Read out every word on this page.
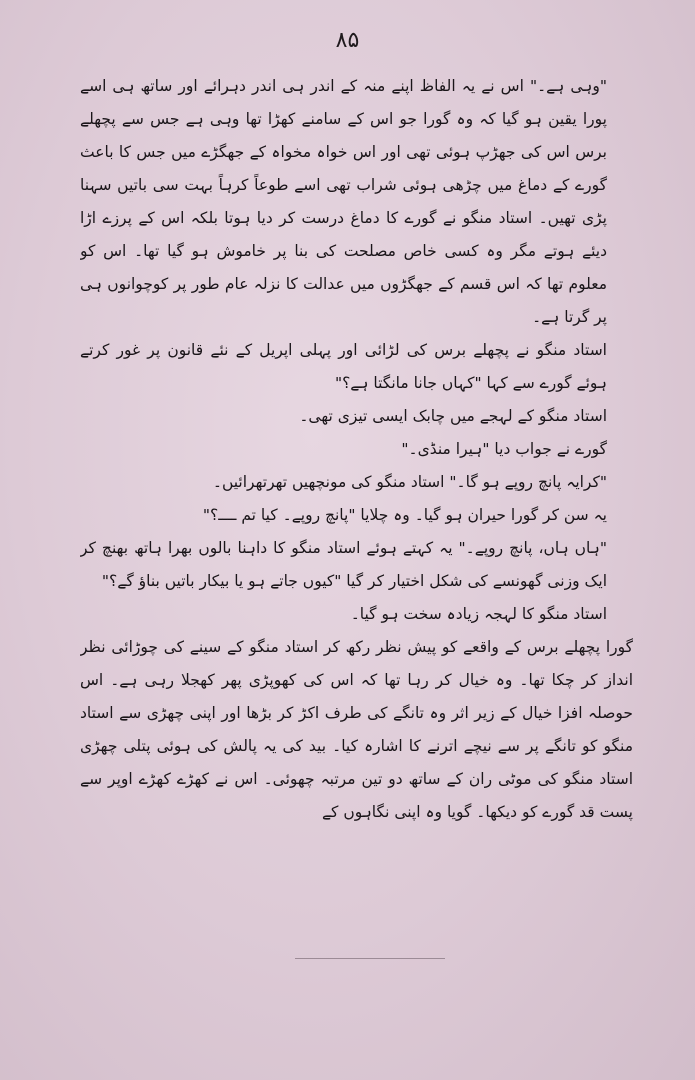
۸۵

"وہی ہے۔" اس نے یہ الفاظ اپنے منہ کے اندر ہی اندر دہرائے اور ساتھ ہی اسے پورا یقین ہو گیا کہ وہ گورا جو اس کے سامنے کھڑا تھا وہی ہے جس سے پچھلے برس اس کی جھڑپ ہوئی تھی اور اس خواہ مخواہ کے جھگڑے میں جس کا باعث گورے کے دماغ میں چڑھی ہوئی شراب تھی اسے طوعاً کرہاً بہت سی باتیں سہنا پڑی تھیں۔ استاد منگو نے گورے کا دماغ درست کر دیا ہوتا بلکہ اس کے پرزے اڑا دیئے ہوتے مگر وہ کسی خاص مصلحت کی بنا پر خاموش ہو گیا تھا۔ اس کو معلوم تھا کہ اس قسم کے جھگڑوں میں عدالت کا نزلہ عام طور پر کوچوانوں ہی پر گرتا ہے۔

استاد منگو نے پچھلے برس کی لڑائی اور پہلی اپریل کے نئے قانون پر غور کرتے ہوئے گورے سے کہا "کہاں جانا مانگتا ہے؟"

استاد منگو کے لہجے میں چابک ایسی تیزی تھی۔

گورے نے جواب دیا "ہیرا منڈی۔"

"کرایہ پانچ روپے ہو گا۔" استاد منگو کی مونچھیں تھرتھرائیں۔

یہ سن کر گورا حیران ہو گیا۔ وہ چلایا "پانچ روپے۔ کیا تم ــــ؟"

"ہاں ہاں، پانچ روپے۔" یہ کہتے ہوئے استاد منگو کا داہنا بالوں بھرا ہاتھ بھنچ کر ایک وزنی گھونسے کی شکل اختیار کر گیا "کیوں جاتے ہو یا بیکار باتیں بناؤ گے؟"

استاد منگو کا لہجہ زیادہ سخت ہو گیا۔

گورا پچھلے برس کے واقعے کو پیش نظر رکھ کر استاد منگو کے سینے کی چوڑائی نظر انداز کر چکا تھا۔ وہ خیال کر رہا تھا کہ اس کی کھوپڑی پھر کھجلا رہی ہے۔ اس حوصلہ افزا خیال کے زیر اثر وہ تانگے کی طرف اکڑ کر بڑھا اور اپنی چھڑی سے استاد منگو کو تانگے پر سے نیچے اترنے کا اشارہ کیا۔ بید کی یہ پالش کی ہوئی پتلی چھڑی استاد منگو کی موٹی ران کے ساتھ دو تین مرتبہ چھوئی۔ اس نے کھڑے کھڑے اوپر سے پست قد گورے کو دیکھا۔ گویا وہ اپنی نگاہوں کے
